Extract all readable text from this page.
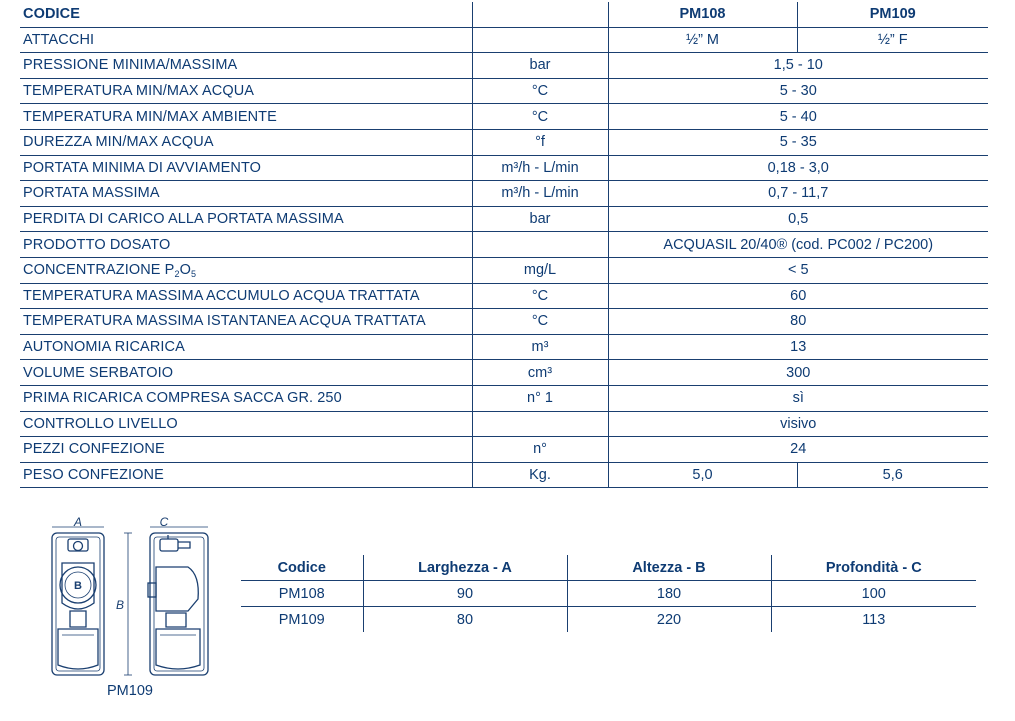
CODICE		PM108	PM109
ATTACCHI		½” M	½” F
PRESSIONE MINIMA/MASSIMA	bar	1,5 - 10	
TEMPERATURA MIN/MAX ACQUA	°C	5 - 30	
TEMPERATURA MIN/MAX AMBIENTE	°C	5 - 40	
DUREZZA MIN/MAX ACQUA	°f	5 - 35	
PORTATA MINIMA DI AVVIAMENTO	m³/h - L/min	0,18 - 3,0	
PORTATA MASSIMA	m³/h - L/min	0,7 - 11,7	
PERDITA DI CARICO ALLA PORTATA MASSIMA	bar	0,5	
PRODOTTO DOSATO		ACQUASIL 20/40® (cod. PC002 / PC200)	
CONCENTRAZIONE $P_2O_5$	mg/L	< 5	
TEMPERATURA MASSIMA ACCUMULO ACQUA TRATTATA	°C	60	
TEMPERATURA MASSIMA ISTANTANEA ACQUA TRATTATA	°C	80	
AUTONOMIA RICARICA	m³	13	
VOLUME SERBATOIO	cm³	300	
PRIMA RICARICA COMPRESA SACCA GR. 250	n° 1	sì	
CONTROLLO LIVELLO		visivo	
PEZZI CONFEZIONE	n°	24	
PESO CONFEZIONE	Kg.	5,0	5,6
B
A
B
C
PM109
Codice	Larghezza - A	Altezza - B	Profondità - C
PM108	90	180	100
PM109	80	220	113
